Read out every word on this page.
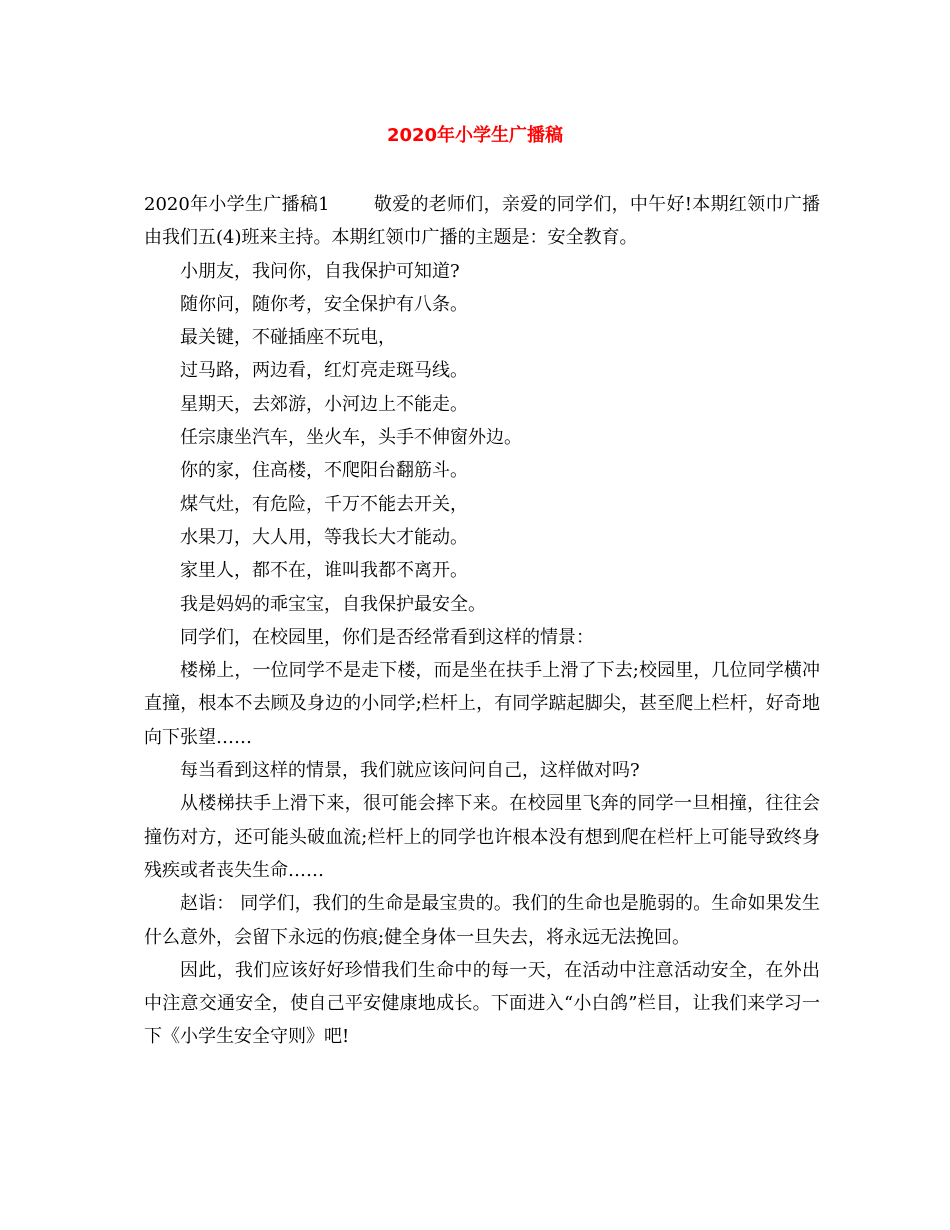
2020年小学生广播稿

2020年小学生广播稿1 敬爱的老师们，亲爱的同学们，中午好!本期红领巾广播由我们五(4)班来主持。本期红领巾广播的主题是：安全教育。

小朋友，我问你，自我保护可知道?

随你问，随你考，安全保护有八条。

最关键，不碰插座不玩电，

过马路，两边看，红灯亮走斑马线。

星期天，去郊游，小河边上不能走。

任宗康坐汽车，坐火车，头手不伸窗外边。

你的家，住高楼，不爬阳台翻筋斗。

煤气灶，有危险，千万不能去开关，

水果刀，大人用，等我长大才能动。

家里人，都不在，谁叫我都不离开。

我是妈妈的乖宝宝，自我保护最安全。

同学们，在校园里，你们是否经常看到这样的情景：

楼梯上，一位同学不是走下楼，而是坐在扶手上滑了下去;校园里，几位同学横冲直撞，根本不去顾及身边的小同学;栏杆上，有同学踮起脚尖，甚至爬上栏杆，好奇地向下张望……

每当看到这样的情景，我们就应该问问自己，这样做对吗?

从楼梯扶手上滑下来，很可能会摔下来。在校园里飞奔的同学一旦相撞，往往会撞伤对方，还可能头破血流;栏杆上的同学也许根本没有想到爬在栏杆上可能导致终身残疾或者丧失生命……

赵诣： 同学们，我们的生命是最宝贵的。我们的生命也是脆弱的。生命如果发生什么意外，会留下永远的伤痕;健全身体一旦失去，将永远无法挽回。

因此，我们应该好好珍惜我们生命中的每一天，在活动中注意活动安全，在外出中注意交通安全，使自己平安健康地成长。下面进入“小白鸽”栏目，让我们来学习一下《小学生安全守则》吧!
